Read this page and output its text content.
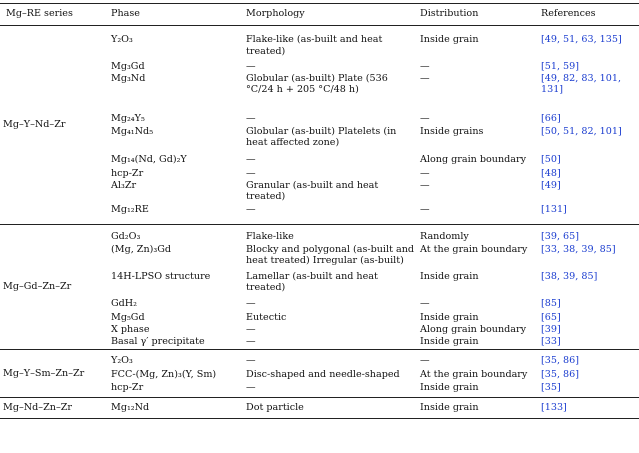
Mg–RE series	Phase	Morphology	Distribution	References
Mg–Y–Nd–Zr	Y₂O₃	Flake-like (as-built and heat treated)	Inside grain	[49, 51, 63, 135]
	Mg₃Gd	—	—	[51, 59]
	Mg₃Nd	Globular (as-built) Plate (536 °C/24 h + 205 °C/48 h)	—	[49, 82, 83, 101, 131]
	Mg₂₄Y₅	—	—	[66]
	Mg₄₁Nd₅	Globular (as-built) Platelets (in heat affected zone)	Inside grains	[50, 51, 82, 101]
	Mg₁₄(Nd, Gd)₂Y	—	Along grain boundary	[50]
	hcp-Zr	—	—	[48]
	Al₃Zr	Granular (as-built and heat treated)	—	[49]
	Mg₁₂RE	—	—	[131]
Mg–Gd–Zn–Zr	Gd₂O₃	Flake-like	Randomly	[39, 65]
	(Mg, Zn)₃Gd	Blocky and polygonal (as-built and heat treated) Irregular (as-built)	At the grain boundary	[33, 38, 39, 85]
	14H-LPSO structure	Lamellar (as-built and heat treated)	Inside grain	[38, 39, 85]
	GdH₂	—	—	[85]
	Mg₅Gd	Eutectic	Inside grain	[65]
	X phase	—	Along grain boundary	[39]
	Basal γ′ precipitate	—	Inside grain	[33]
Mg–Y–Sm–Zn–Zr	Y₂O₃	—	—	[35, 86]
	FCC-(Mg, Zn)₃(Y, Sm)	Disc-shaped and needle-shaped	At the grain boundary	[35, 86]
	hcp-Zr	—	Inside grain	[35]
Mg–Nd–Zn–Zr	Mg₁₂Nd	Dot particle	Inside grain	[133]
